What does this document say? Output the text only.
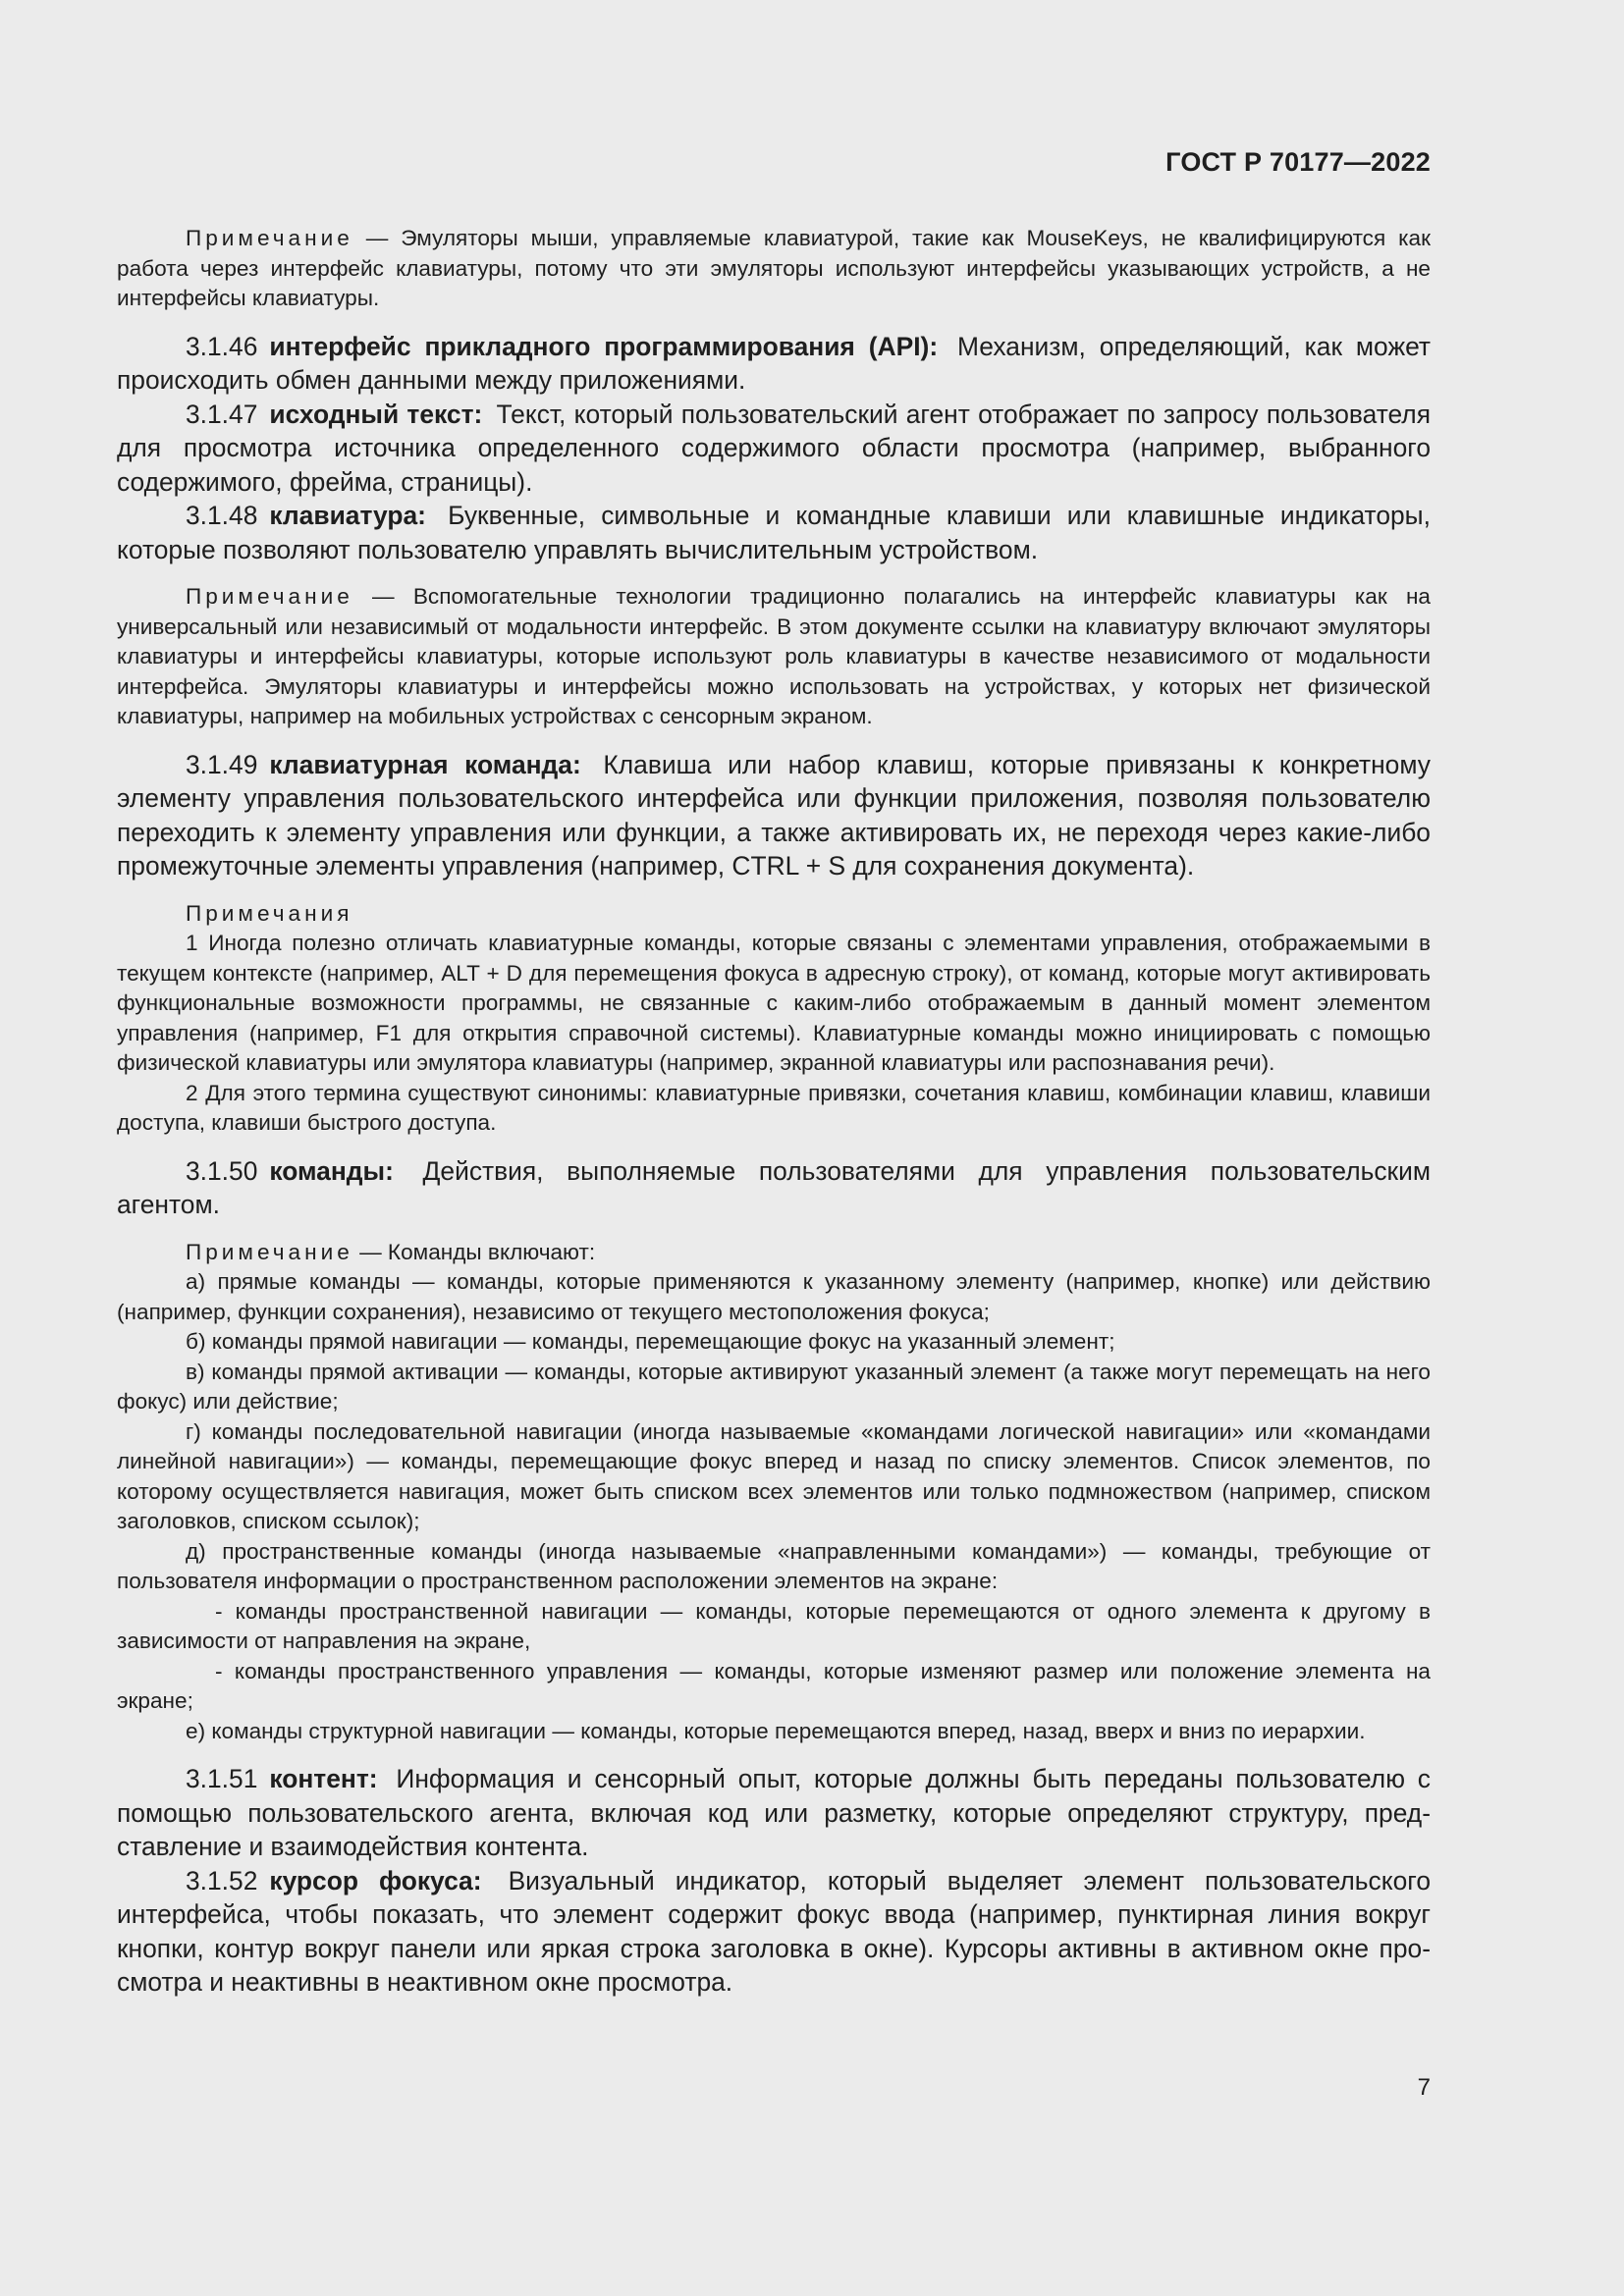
ГОСТ Р 70177—2022

Примечание — Эмуляторы мыши, управляемые клавиатурой, такие как MouseKeys, не квалифицируются как работа через интерфейс клавиатуры, потому что эти эмуляторы используют интерфейсы указывающих устройств, а не интерфейсы клавиатуры.

3.1.46 интерфейс прикладного программирования (API): Механизм, определяющий, как может происходить обмен данными между приложениями.

3.1.47 исходный текст: Текст, который пользовательский агент отображает по запросу пользователя для просмотра источника определенного содержимого области просмотра (например, выбранного содержимого, фрейма, страницы).

3.1.48 клавиатура: Буквенные, символьные и командные клавиши или клавишные индикаторы, которые позволяют пользователю управлять вычислительным устройством.

Примечание — Вспомогательные технологии традиционно полагались на интерфейс клавиатуры как на универсальный или независимый от модальности интерфейс. В этом документе ссылки на клавиатуру включают эмуляторы клавиатуры и интерфейсы клавиатуры, которые используют роль клавиатуры в качестве независимого от модальности интерфейса. Эмуляторы клавиатуры и интерфейсы можно использовать на устройствах, у которых нет физической клавиатуры, например на мобильных устройствах с сенсорным экраном.

3.1.49 клавиатурная команда: Клавиша или набор клавиш, которые привязаны к конкретному элементу управления пользовательского интерфейса или функции приложения, позволяя пользователю переходить к элементу управления или функции, а также активировать их, не переходя через какие-либо промежуточные элементы управления (например, CTRL + S для сохранения документа).

Примечания

1 Иногда полезно отличать клавиатурные команды, которые связаны с элементами управления, отображаемыми в текущем контексте (например, ALT + D для перемещения фокуса в адресную строку), от команд, которые могут активировать функциональные возможности программы, не связанные с каким-либо отображаемым в данный момент элементом управления (например, F1 для открытия справочной системы). Клавиатурные команды можно инициировать с помощью физической клавиатуры или эмулятора клавиатуры (например, экранной клавиатуры или распознавания речи).

2 Для этого термина существуют синонимы: клавиатурные привязки, сочетания клавиш, комбинации клавиш, клавиши доступа, клавиши быстрого доступа.

3.1.50 команды: Действия, выполняемые пользователями для управления пользовательским агентом.

Примечание — Команды включают:

а) прямые команды — команды, которые применяются к указанному элементу (например, кнопке) или действию (например, функции сохранения), независимо от текущего местоположения фокуса;

б) команды прямой навигации — команды, перемещающие фокус на указанный элемент;

в) команды прямой активации — команды, которые активируют указанный элемент (а также могут перемещать на него фокус) или действие;

г) команды последовательной навигации (иногда называемые «командами логической навигации» или «командами линейной навигации») — команды, перемещающие фокус вперед и назад по списку элементов. Список элементов, по которому осуществляется навигация, может быть списком всех элементов или только подмножеством (например, списком заголовков, списком ссылок);

д) пространственные команды (иногда называемые «направленными командами») — команды, требующие от пользователя информации о пространственном расположении элементов на экране:

- команды пространственной навигации — команды, которые перемещаются от одного элемента к другому в зависимости от направления на экране,

- команды пространственного управления — команды, которые изменяют размер или положение элемента на экране;

е) команды структурной навигации — команды, которые перемещаются вперед, назад, вверх и вниз по иерархии.

3.1.51 контент: Информация и сенсорный опыт, которые должны быть переданы пользователю с помощью пользовательского агента, включая код или разметку, которые определяют структуру, представление и взаимодействия контента.

3.1.52 курсор фокуса: Визуальный индикатор, который выделяет элемент пользовательского интерфейса, чтобы показать, что элемент содержит фокус ввода (например, пунктирная линия вокруг кнопки, контур вокруг панели или яркая строка заголовка в окне). Курсоры активны в активном окне просмотра и неактивны в неактивном окне просмотра.

7
